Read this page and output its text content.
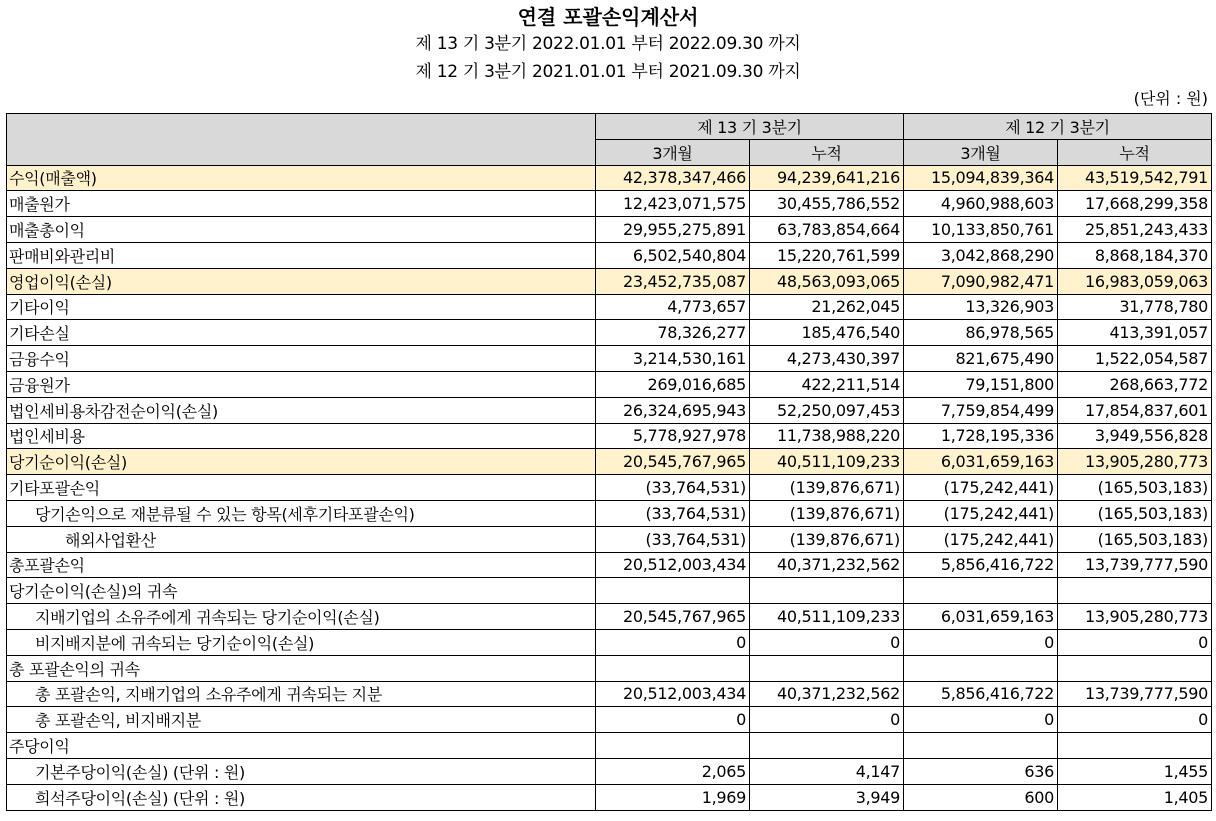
연결 포괄손익계산서
제 13 기 3분기 2022.01.01 부터 2022.09.30 까지
제 12 기 3분기 2021.01.01 부터 2021.09.30 까지
(단위 : 원)
	제 13 기 3분기		제 12 기 3분기	
	3개월	누적	3개월	누적
수익(매출액)	42,378,347,466	94,239,641,216	15,094,839,364	43,519,542,791
매출원가	12,423,071,575	30,455,786,552	4,960,988,603	17,668,299,358
매출총이익	29,955,275,891	63,783,854,664	10,133,850,761	25,851,243,433
판매비와관리비	6,502,540,804	15,220,761,599	3,042,868,290	8,868,184,370
영업이익(손실)	23,452,735,087	48,563,093,065	7,090,982,471	16,983,059,063
기타이익	4,773,657	21,262,045	13,326,903	31,778,780
기타손실	78,326,277	185,476,540	86,978,565	413,391,057
금융수익	3,214,530,161	4,273,430,397	821,675,490	1,522,054,587
금융원가	269,016,685	422,211,514	79,151,800	268,663,772
법인세비용차감전순이익(손실)	26,324,695,943	52,250,097,453	7,759,854,499	17,854,837,601
법인세비용	5,778,927,978	11,738,988,220	1,728,195,336	3,949,556,828
당기순이익(손실)	20,545,767,965	40,511,109,233	6,031,659,163	13,905,280,773
기타포괄손익	(33,764,531)	(139,876,671)	(175,242,441)	(165,503,183)
당기손익으로 재분류될 수 있는 항목(세후기타포괄손익)	(33,764,531)	(139,876,671)	(175,242,441)	(165,503,183)
해외사업환산	(33,764,531)	(139,876,671)	(175,242,441)	(165,503,183)
총포괄손익	20,512,003,434	40,371,232,562	5,856,416,722	13,739,777,590
당기순이익(손실)의 귀속				
지배기업의 소유주에게 귀속되는 당기순이익(손실)	20,545,767,965	40,511,109,233	6,031,659,163	13,905,280,773
비지배지분에 귀속되는 당기순이익(손실)	0	0	0	0
총 포괄손익의 귀속				
총 포괄손익, 지배기업의 소유주에게 귀속되는 지분	20,512,003,434	40,371,232,562	5,856,416,722	13,739,777,590
총 포괄손익, 비지배지분	0	0	0	0
주당이익				
기본주당이익(손실) (단위 : 원)	2,065	4,147	636	1,455
희석주당이익(손실) (단위 : 원)	1,969	3,949	600	1,405
